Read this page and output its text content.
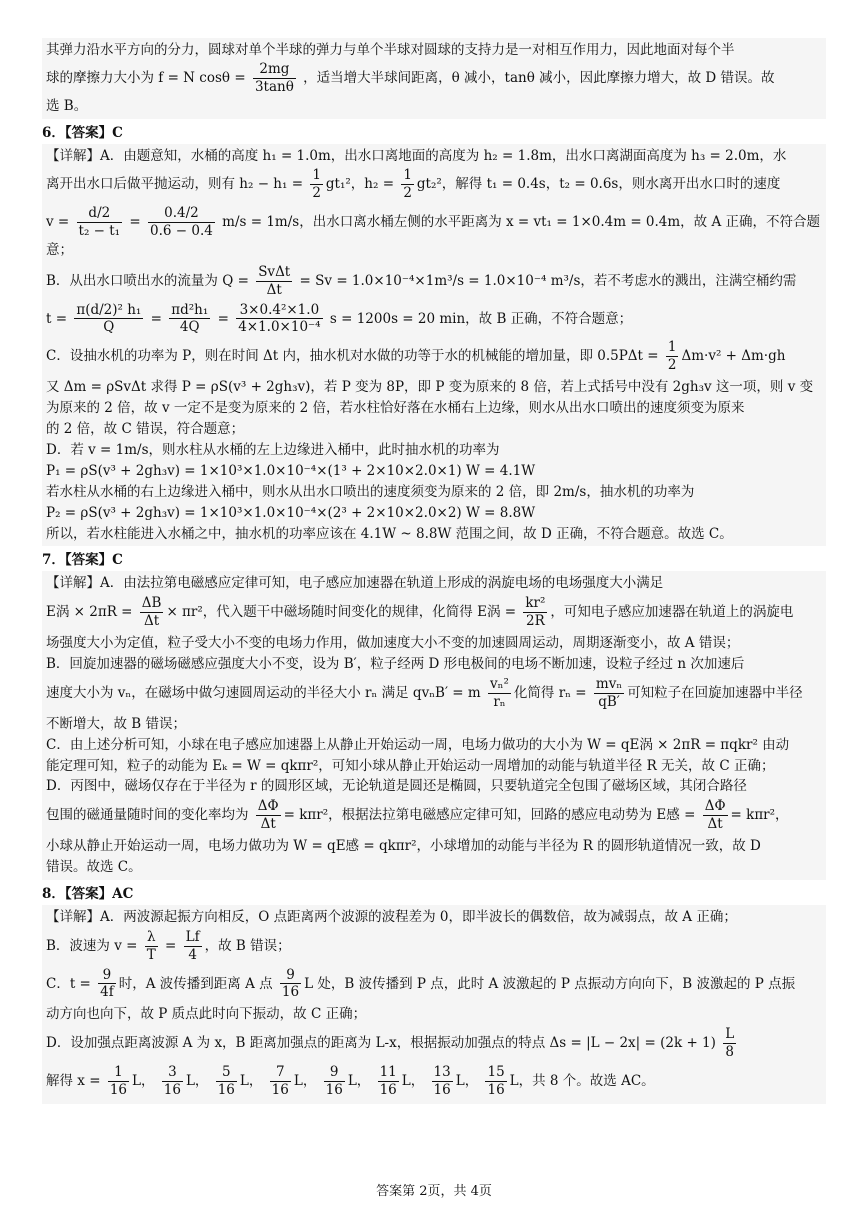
其弹力沿水平方向的分力，圆球对单个半球的弹力与单个半球对圆球的支持力是一对相互作用力，因此地面对每个半

球的摩擦力大小为 f = N $\cos\theta = \frac{2mg}{3\tan\theta}$ ，适当增大半球间距离，θ 减小，tanθ 减小，因此摩擦力增大，故 D 错误。故

选 B。

6．【答案】C

【详解】A．由题意知，水桶的高度 h₁ = 1.0m，出水口离地面的高度为 h₂ = 1.8m，出水口离湖面高度为 h₃ = 2.0m，水

离开出水口后做平抛运动，则有 $h_2 - h_1 = \frac{1}{2} gt_1^2$，$h_2 = \frac{1}{2} gt_2^2$，解得 t₁ = 0.4s，t₂ = 0.6s，则水离开出水口时的速度

$v = \frac{d/2}{\text{t₂ − t₁}} = \frac{0.4/2}{0.6 - 0.4} m/s = 1m/s$，出水口离水桶左侧的水平距离为 x = vt₁ = 1×0.4m = 0.4m，故 A 正确，不符合题意；

B．从出水口喷出水的流量为 $Q = \frac{\text{SvΔt}}{\Delta t} = Sv = 1.0\times 10^{-4}\times 1m^3/s = 1.0\times 10^{-4}$ m³/s，若不考虑水的溅出，注满空桶约需

$t = \frac{\text{π(d/2)² h₁}}{Q} = \frac{\text{πd²h₁}}{4Q} = \frac{\text{3×0.4²×1.0}}{\text{4×1.0×10⁻⁴}}$ s = 1200s = 20 min，故 B 正确，不符合题意；

C．设抽水机的功率为 P，则在时间 Δt 内，抽水机对水做的功等于水的机械能的增加量，即 $0.5P\Delta t = \frac{1}{2} \Delta m\cdot v^2 + \Delta m\cdot gh$

又 Δm = ρSvΔt 求得 P = ρS(v³ + 2gh₃v)，若 P 变为 8P，即 P 变为原来的 8 倍，若上式括号中没有 2gh₃v 这一项，则 v 变

为原来的 2 倍，故 v 一定不是变为原来的 2 倍，若水柱恰好落在水桶右上边缘，则水从出水口喷出的速度须变为原来

的 2 倍，故 C 错误，符合题意；

D．若 v = 1m/s，则水柱从水桶的左上边缘进入桶中，此时抽水机的功率为

P₁ = ρS(v³ + 2gh₃v) = 1×10³×1.0×10⁻⁴×(1³ + 2×10×2.0×1) W = 4.1W

若水柱从水桶的右上边缘进入桶中，则水从出水口喷出的速度须变为原来的 2 倍，即 2m/s，抽水机的功率为

P₂ = ρS(v³ + 2gh₃v) = 1×10³×1.0×10⁻⁴×(2³ + 2×10×2.0×2) W = 8.8W

所以，若水柱能进入水桶之中，抽水机的功率应该在 4.1W ~ 8.8W 范围之间，故 D 正确，不符合题意。故选 C。

7．【答案】C

【详解】A．由法拉第电磁感应定律可知，电子感应加速器在轨道上形成的涡旋电场的电场强度大小满足

E涡 × $2\pi R = \frac{\Delta B}{\Delta t} \times \pi r^2$，代入题干中磁场随时间变化的规律，化简得 E涡 = $\frac{\text{kr²}}{2R}$ ，可知电子感应加速器在轨道上的涡旋电

场强度大小为定值，粒子受大小不变的电场力作用，做加速度大小不变的加速圆周运动，周期逐渐变小，故 A 错误；

B．回旋加速器的磁场磁感应强度大小不变，设为 B′，粒子经两 D 形电极间的电场不断加速，设粒子经过 n 次加速后

速度大小为 vₙ，在磁场中做匀速圆周运动的半径大小 rₙ 满足 qvₙB′ = m $\frac{\text{vₙ²}}{\text{rₙ}}$ 化简得 $r_n = \frac{\text{mvₙ}}{qB'}$ 可知粒子在回旋加速器中半径

不断增大，故 B 错误；

C．由上述分析可知，小球在电子感应加速器上从静止开始运动一周，电场力做功的大小为 W = qE涡 × 2πR = πqkr² 由动

能定理可知，粒子的动能为 Eₖ = W = qkπr²，可知小球从静止开始运动一周增加的动能与轨道半径 R 无关，故 C 正确；

D．丙图中，磁场仅存在于半径为 r 的圆形区域，无论轨道是圆还是椭圆，只要轨道完全包围了磁场区域，其闭合路径

包围的磁通量随时间的变化率均为 $\frac{\Delta\Phi}{\Delta t} = k\pi r^2$，根据法拉第电磁感应定律可知，回路的感应电动势为 E感 = $\frac{\Delta\Phi}{\Delta t} = k\pi r^2$，

小球从静止开始运动一周，电场力做功为 W = qE感 = qkπr²，小球增加的动能与半径为 R 的圆形轨道情况一致，故 D

错误。故选 C。

8．【答案】AC

【详解】A．两波源起振方向相反，O 点距离两个波源的波程差为 0，即半波长的偶数倍，故为减弱点，故 A 正确；

B．波速为 $v = \frac{\lambda}{T} = \frac{Lf}{4}$ ，故 B 错误；

C．$t = \frac{9}{4f}$ 时，A 波传播到距离 A 点 $\frac{9}{16}$ L 处，B 波传播到 P 点，此时 A 波激起的 P 点振动方向向下，B 波激起的 P 点振

动方向也向下，故 P 质点此时向下振动，故 C 正确；

D．设加强点距离波源 A 为 x，B 距离加强点的距离为 L-x，根据振动加强点的特点 $\Delta s = |L - 2x| = (2k + 1) \frac{L}{8}$

解得 $x = \frac{1}{16}$ L， $\frac{3}{16}$ L， $\frac{5}{16}$ L， $\frac{7}{16}$ L， $\frac{9}{16}$ L， $\frac{11}{16}$ L， $\frac{13}{16}$ L， $\frac{15}{16}$ L，共 8 个。故选 AC。

答案第 2页，共 4页
